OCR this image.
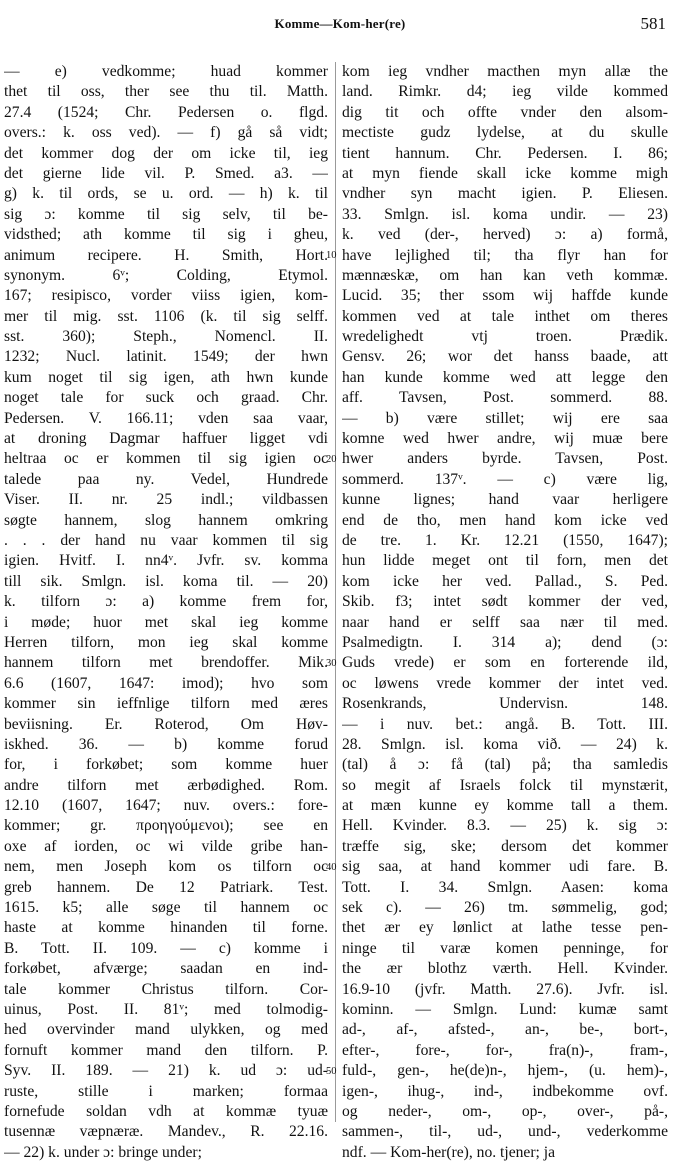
Komme—Kom-her(re)	581
— e) vedkomme; huad kommer
thet til oss, ther see thu til. Matth.
27.4 (1524; Chr. Pedersen o. flgd.
overs.: k. oss ved). — f) gå så vidt;
det kommer dog der om icke til, ieg
det gierne lide vil. P. Smed. a3. —
g) k. til ords, se u. ord. — h) k. til
sig ɔ: komme til sig selv, til be-
vidsthed; ath komme til sig i gheu,
animum recipere. H. Smith, Hort.
synonym. 6ᵛ; Colding, Etymol.
167; resipisco, vorder viiss igien, kom-
mer til mig. sst. 1106 (k. til sig selff.
sst. 360); Steph., Nomencl. II.
1232; Nucl. latinit. 1549; der hwn
kum noget til sig igen, ath hwn kunde
noget tale for suck och graad. Chr.
Pedersen. V. 166.11; vden saa vaar,
at droning Dagmar haffuer ligget vdi
heltraa oc er kommen til sig igien oc
talede paa ny. Vedel, Hundrede
Viser. II. nr. 25 indl.; vildbassen
søgte hannem, slog hannem omkring
. . . der hand nu vaar kommen til sig
igien. Hvitf. I. nn4ᵛ. Jvfr. sv. komma
till sik. Smlgn. isl. koma til. — 20)
k. tilforn ɔ: a) komme frem for,
i møde; huor met skal ieg komme
Herren tilforn, mon ieg skal komme
hannem tilforn met brendoffer. Mik.
6.6 (1607, 1647: imod); hvo som
kommer sin ieffnlige tilforn med æres
beviisning. Er. Roterod, Om Høv-
iskhed. 36. — b) komme forud
for, i forkøbet; som komme huer
andre tilforn met ærbødighed. Rom.
12.10 (1607, 1647; nuv. overs.: fore-
kommer; gr. προηγούμενοι); see en
oxe af iorden, oc wi vilde gribe han-
nem, men Joseph kom os tilforn oc
greb hannem. De 12 Patriark. Test.
1615. k5; alle søge til hannem oc
haste at komme hinanden til forne.
B. Tott. II. 109. — c) komme i
forkøbet, afværge; saadan en ind-
tale kommer Christus tilforn. Cor-
uinus, Post. II. 81ᵛ; med tolmodig-
hed overvinder mand ulykken, og med
fornuft kommer mand den tilforn. P.
Syv. II. 189. — 21) k. ud ɔ: ud-
ruste, stille i marken; formaa
fornefude soldan vdh at kommæ tyuæ
tusennæ væpnæræ. Mandev., R. 22.16.
— 22) k. under ɔ: bringe under;
10
20
30
40
50
kom ieg vndher macthen myn allæ the
land. Rimkr. d4; ieg vilde kommed
dig tit och offte vnder den alsom-
mectiste gudz lydelse, at du skulle
tient hannum. Chr. Pedersen. I. 86;
at myn fiende skall icke komme migh
vndher syn macht igien. P. Eliesen.
33. Smlgn. isl. koma undir. — 23)
k. ved (der-, herved) ɔ: a) formå,
have lejlighed til; tha flyr han for
mænnæskæ, om han kan veth kommæ.
Lucid. 35; ther ssom wij haffde kunde
kommen ved at tale inthet om theres
wredelighedt vtj troen. Prædik.
Gensv. 26; wor det hanss baade, att
han kunde komme wed att legge den
aff. Tavsen, Post. sommerd. 88.
— b) være stillet; wij ere saa
komne wed hwer andre, wij muæ bere
hwer anders byrde. Tavsen, Post.
sommerd. 137ᵛ. — c) være lig,
kunne lignes; hand vaar herligere
end de tho, men hand kom icke ved
de tre. 1. Kr. 12.21 (1550, 1647);
hun lidde meget ont til forn, men det
kom icke her ved. Pallad., S. Ped.
Skib. f3; intet sødt kommer der ved,
naar hand er selff saa nær til med.
Psalmedigtn. I. 314 a); dend (ɔ:
Guds vrede) er som en forterende ild,
oc løwens vrede kommer der intet ved.
Rosenkrands, Undervisn. 148.
— i nuv. bet.: angå. B. Tott. III.
28. Smlgn. isl. koma við. — 24) k.
(tal) å ɔ: få (tal) på; tha samledis
so megit af Israels folck til mynstærit,
at mæn kunne ey komme tall a them.
Hell. Kvinder. 8.3. — 25) k. sig ɔ:
træffe sig, ske; dersom det kommer
sig saa, at hand kommer udi fare. B.
Tott. I. 34. Smlgn. Aasen: koma
sek c). — 26) tm. sømmelig, god;
thet ær ey lønlict at lathe tesse pen-
ninge til varæ komen penninge, for
the ær blothz værth. Hell. Kvinder.
16.9-10 (jvfr. Matth. 27.6). Jvfr. isl.
kominn. — Smlgn. Lund: kumæ samt
ad-, af-, afsted-, an-, be-, bort-,
efter-, fore-, for-, fra(n)-, fram-,
fuld-, gen-, he(de)n-, hjem-, (u. hem)-,
igen-, ihug-, ind-, indbekomme ovf.
og neder-, om-, op-, over-, på-,
sammen-, til-, ud-, und-, vederkomme
ndf. — Kom-her(re), no. tjener; ja
